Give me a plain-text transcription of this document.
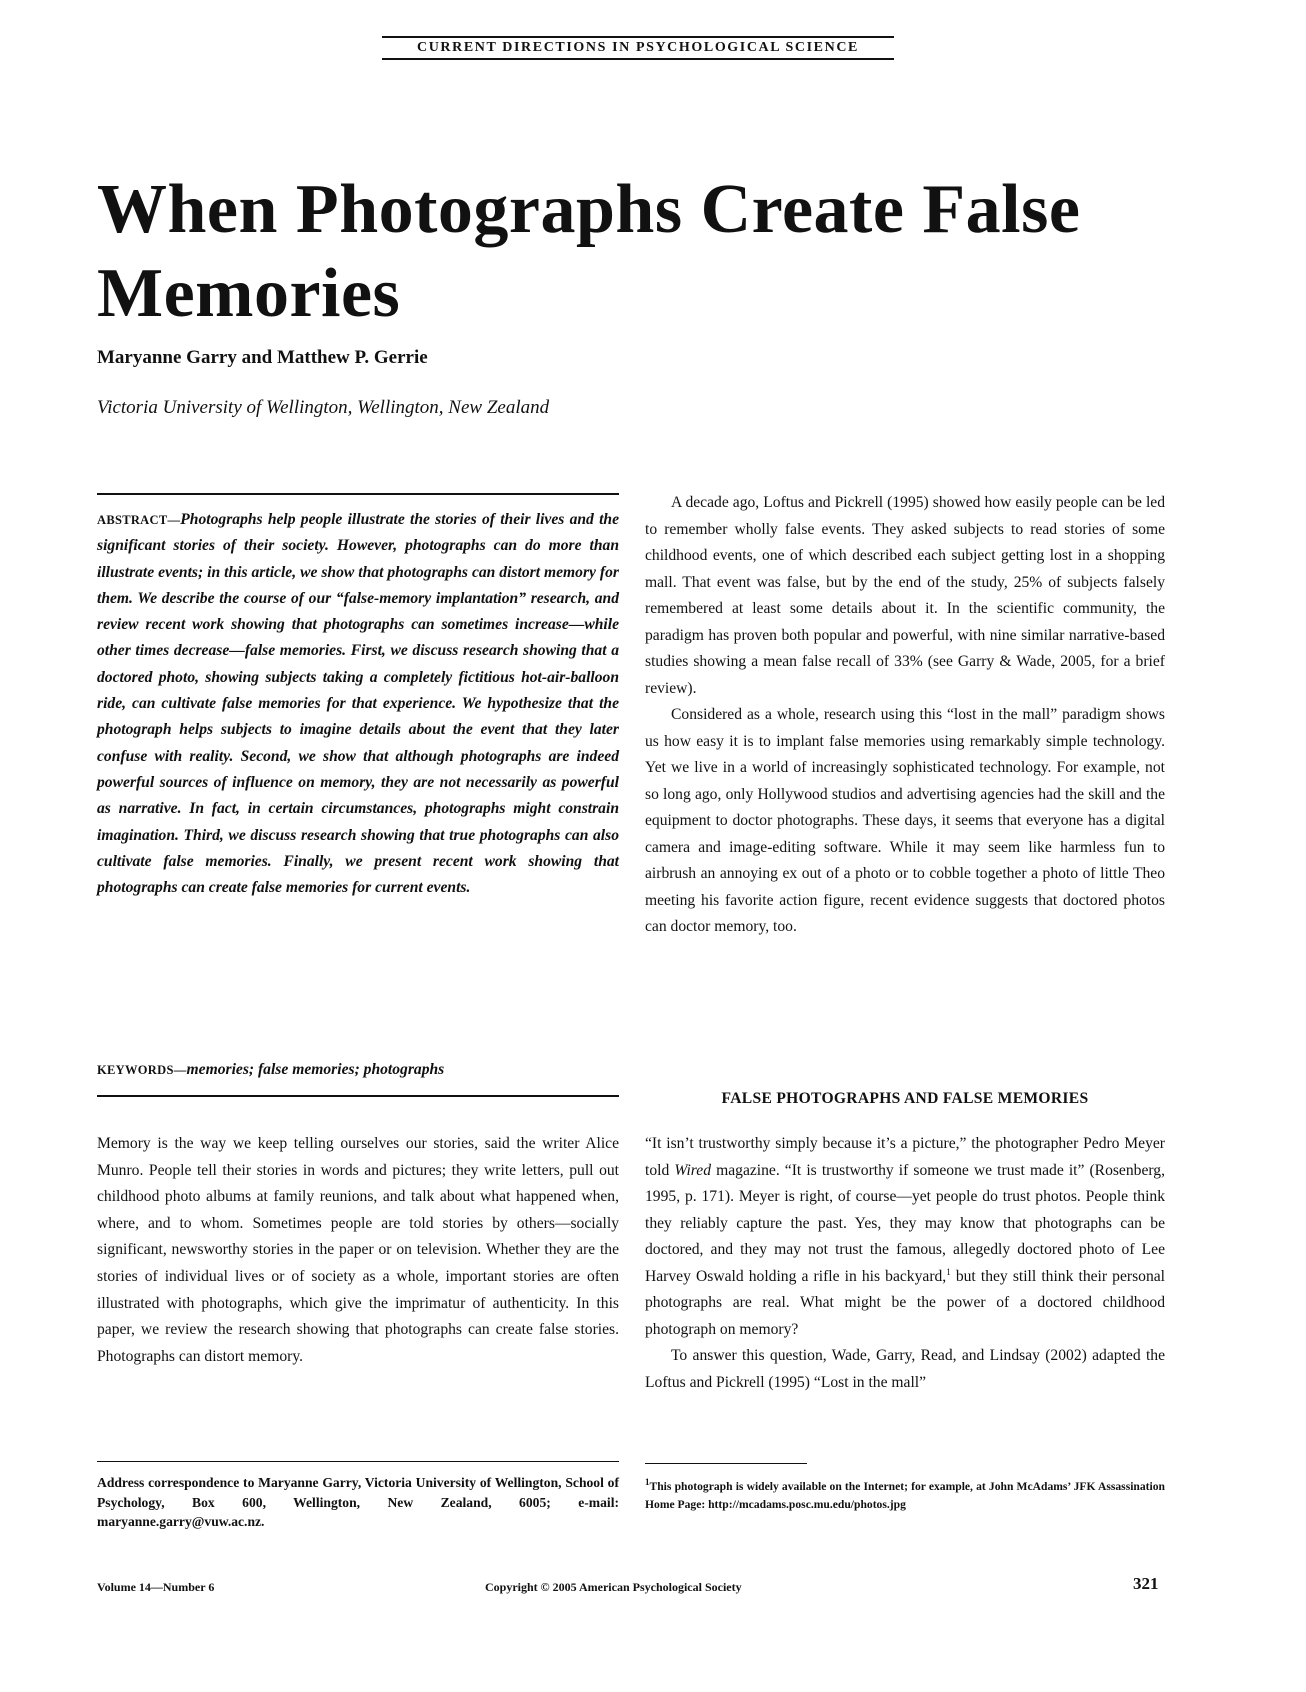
CURRENT DIRECTIONS IN PSYCHOLOGICAL SCIENCE
When Photographs Create False Memories
Maryanne Garry and Matthew P. Gerrie
Victoria University of Wellington, Wellington, New Zealand

ABSTRACT—Photographs help people illustrate the stories of their lives and the significant stories of their society. However, photographs can do more than illustrate events; in this article, we show that photographs can distort memory for them. We describe the course of our “false-memory implantation” research, and review recent work showing that photographs can sometimes increase—while other times decrease—false memories. First, we discuss research showing that a doctored photo, showing subjects taking a completely fictitious hot-air-balloon ride, can cultivate false memories for that experience. We hypothesize that the photograph helps subjects to imagine details about the event that they later confuse with reality. Second, we show that although photographs are indeed powerful sources of influence on memory, they are not necessarily as powerful as narrative. In fact, in certain circumstances, photographs might constrain imagination. Third, we discuss research showing that true photographs can also cultivate false memories. Finally, we present recent work showing that photographs can create false memories for current events.

KEYWORDS—memories; false memories; photographs

Memory is the way we keep telling ourselves our stories, said the writer Alice Munro. People tell their stories in words and pictures; they write letters, pull out childhood photo albums at family reunions, and talk about what happened when, where, and to whom. Sometimes people are told stories by others—socially significant, newsworthy stories in the paper or on television. Whether they are the stories of individual lives or of society as a whole, important stories are often illustrated with photographs, which give the imprimatur of authenticity. In this paper, we review the research showing that photographs can create false stories. Photographs can distort memory.

Address correspondence to Maryanne Garry, Victoria University of Wellington, School of Psychology, Box 600, Wellington, New Zealand, 6005; e-mail: maryanne.garry@vuw.ac.nz.

A decade ago, Loftus and Pickrell (1995) showed how easily people can be led to remember wholly false events. They asked subjects to read stories of some childhood events, one of which described each subject getting lost in a shopping mall. That event was false, but by the end of the study, 25% of subjects falsely remembered at least some details about it. In the scientific community, the paradigm has proven both popular and powerful, with nine similar narrative-based studies showing a mean false recall of 33% (see Garry & Wade, 2005, for a brief review).

Considered as a whole, research using this “lost in the mall” paradigm shows us how easy it is to implant false memories using remarkably simple technology. Yet we live in a world of increasingly sophisticated technology. For example, not so long ago, only Hollywood studios and advertising agencies had the skill and the equipment to doctor photographs. These days, it seems that everyone has a digital camera and image-editing software. While it may seem like harmless fun to airbrush an annoying ex out of a photo or to cobble together a photo of little Theo meeting his favorite action figure, recent evidence suggests that doctored photos can doctor memory, too.

FALSE PHOTOGRAPHS AND FALSE MEMORIES

“It isn’t trustworthy simply because it’s a picture,” the photographer Pedro Meyer told Wired magazine. “It is trustworthy if someone we trust made it” (Rosenberg, 1995, p. 171). Meyer is right, of course—yet people do trust photos. People think they reliably capture the past. Yes, they may know that photographs can be doctored, and they may not trust the famous, allegedly doctored photo of Lee Harvey Oswald holding a rifle in his backyard,$^1$ but they still think their personal photographs are real. What might be the power of a doctored childhood photograph on memory?

To answer this question, Wade, Garry, Read, and Lindsay (2002) adapted the Loftus and Pickrell (1995) “Lost in the mall”

$^1$This photograph is widely available on the Internet; for example, at John McAdams’ JFK Assassination Home Page: http://mcadams.posc.mu.edu/photos.jpg

Volume 14—Number 6	Copyright © 2005 American Psychological Society	321
